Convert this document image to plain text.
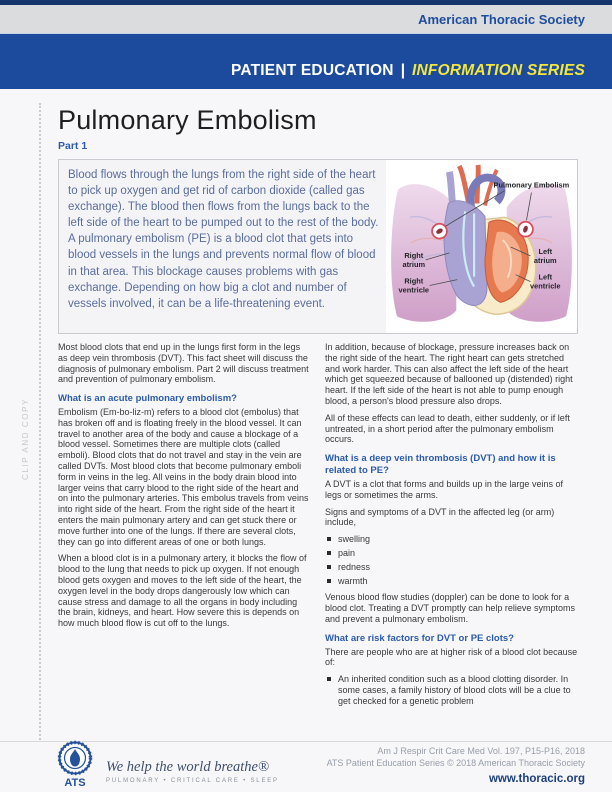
American Thoracic Society
PATIENT EDUCATION | INFORMATION SERIES
CLIP AND COPY
Pulmonary Embolism
Part 1
Blood flows through the lungs from the right side of the heart to pick up oxygen and get rid of carbon dioxide (called gas exchange). The blood then flows from the lungs back to the left side of the heart to be pumped out to the rest of the body. A pulmonary embolism (PE) is a blood clot that gets into blood vessels in the lungs and prevents normal flow of blood in that area. This blockage causes problems with gas exchange. Depending on how big a clot and number of vessels involved, it can be a life-threatening event.
Pulmonary Embolism
Right
atrium
Right
ventricle
Left
atrium
Left
ventricle

Most blood clots that end up in the lungs first form in the legs as deep vein thrombosis (DVT). This fact sheet will discuss the diagnosis of pulmonary embolism. Part 2 will discuss treatment and prevention of pulmonary embolism.

What is an acute pulmonary embolism?

Embolism (Em-bo-liz-m) refers to a blood clot (embolus) that has broken off and is floating freely in the blood vessel. It can travel to another area of the body and cause a blockage of a blood vessel. Sometimes there are multiple clots (called emboli). Blood clots that do not travel and stay in the vein are called DVTs. Most blood clots that become pulmonary emboli form in veins in the leg. All veins in the body drain blood into larger veins that carry blood to the right side of the heart and on into the pulmonary arteries. This embolus travels from veins into right side of the heart. From the right side of the heart it enters the main pulmonary artery and can get stuck there or move further into one of the lungs. If there are several clots, they can go into different areas of one or both lungs.

When a blood clot is in a pulmonary artery, it blocks the flow of blood to the lung that needs to pick up oxygen. If not enough blood gets oxygen and moves to the left side of the heart, the oxygen level in the body drops dangerously low which can cause stress and damage to all the organs in body including the brain, kidneys, and heart. How severe this is depends on how much blood flow is cut off to the lungs.

In addition, because of blockage, pressure increases back on the right side of the heart. The right heart can gets stretched and work harder. This can also affect the left side of the heart which get squeezed because of ballooned up (distended) right heart. If the left side of the heart is not able to pump enough blood, a person's blood pressure also drops.

All of these effects can lead to death, either suddenly, or if left untreated, in a short period after the pulmonary embolism occurs.

What is a deep vein thrombosis (DVT) and how it is related to PE?

A DVT is a clot that forms and builds up in the large veins of legs or sometimes the arms.

Signs and symptoms of a DVT in the affected leg (or arm) include,

swelling
pain
redness
warmth

Venous blood flow studies (doppler) can be done to look for a blood clot. Treating a DVT promptly can help relieve symptoms and prevent a pulmonary embolism.

What are risk factors for DVT or PE clots?

There are people who are at higher risk of a blood clot because of:

An inherited condition such as a blood clotting disorder. In some cases, a family history of blood clots will be a clue to get checked for a genetic problem
ATS
We help the world breathe®
PULMONARY • CRITICAL CARE • SLEEP
Am J Respir Crit Care Med Vol. 197, P15-P16, 2018
ATS Patient Education Series © 2018 American Thoracic Society
www.thoracic.org
